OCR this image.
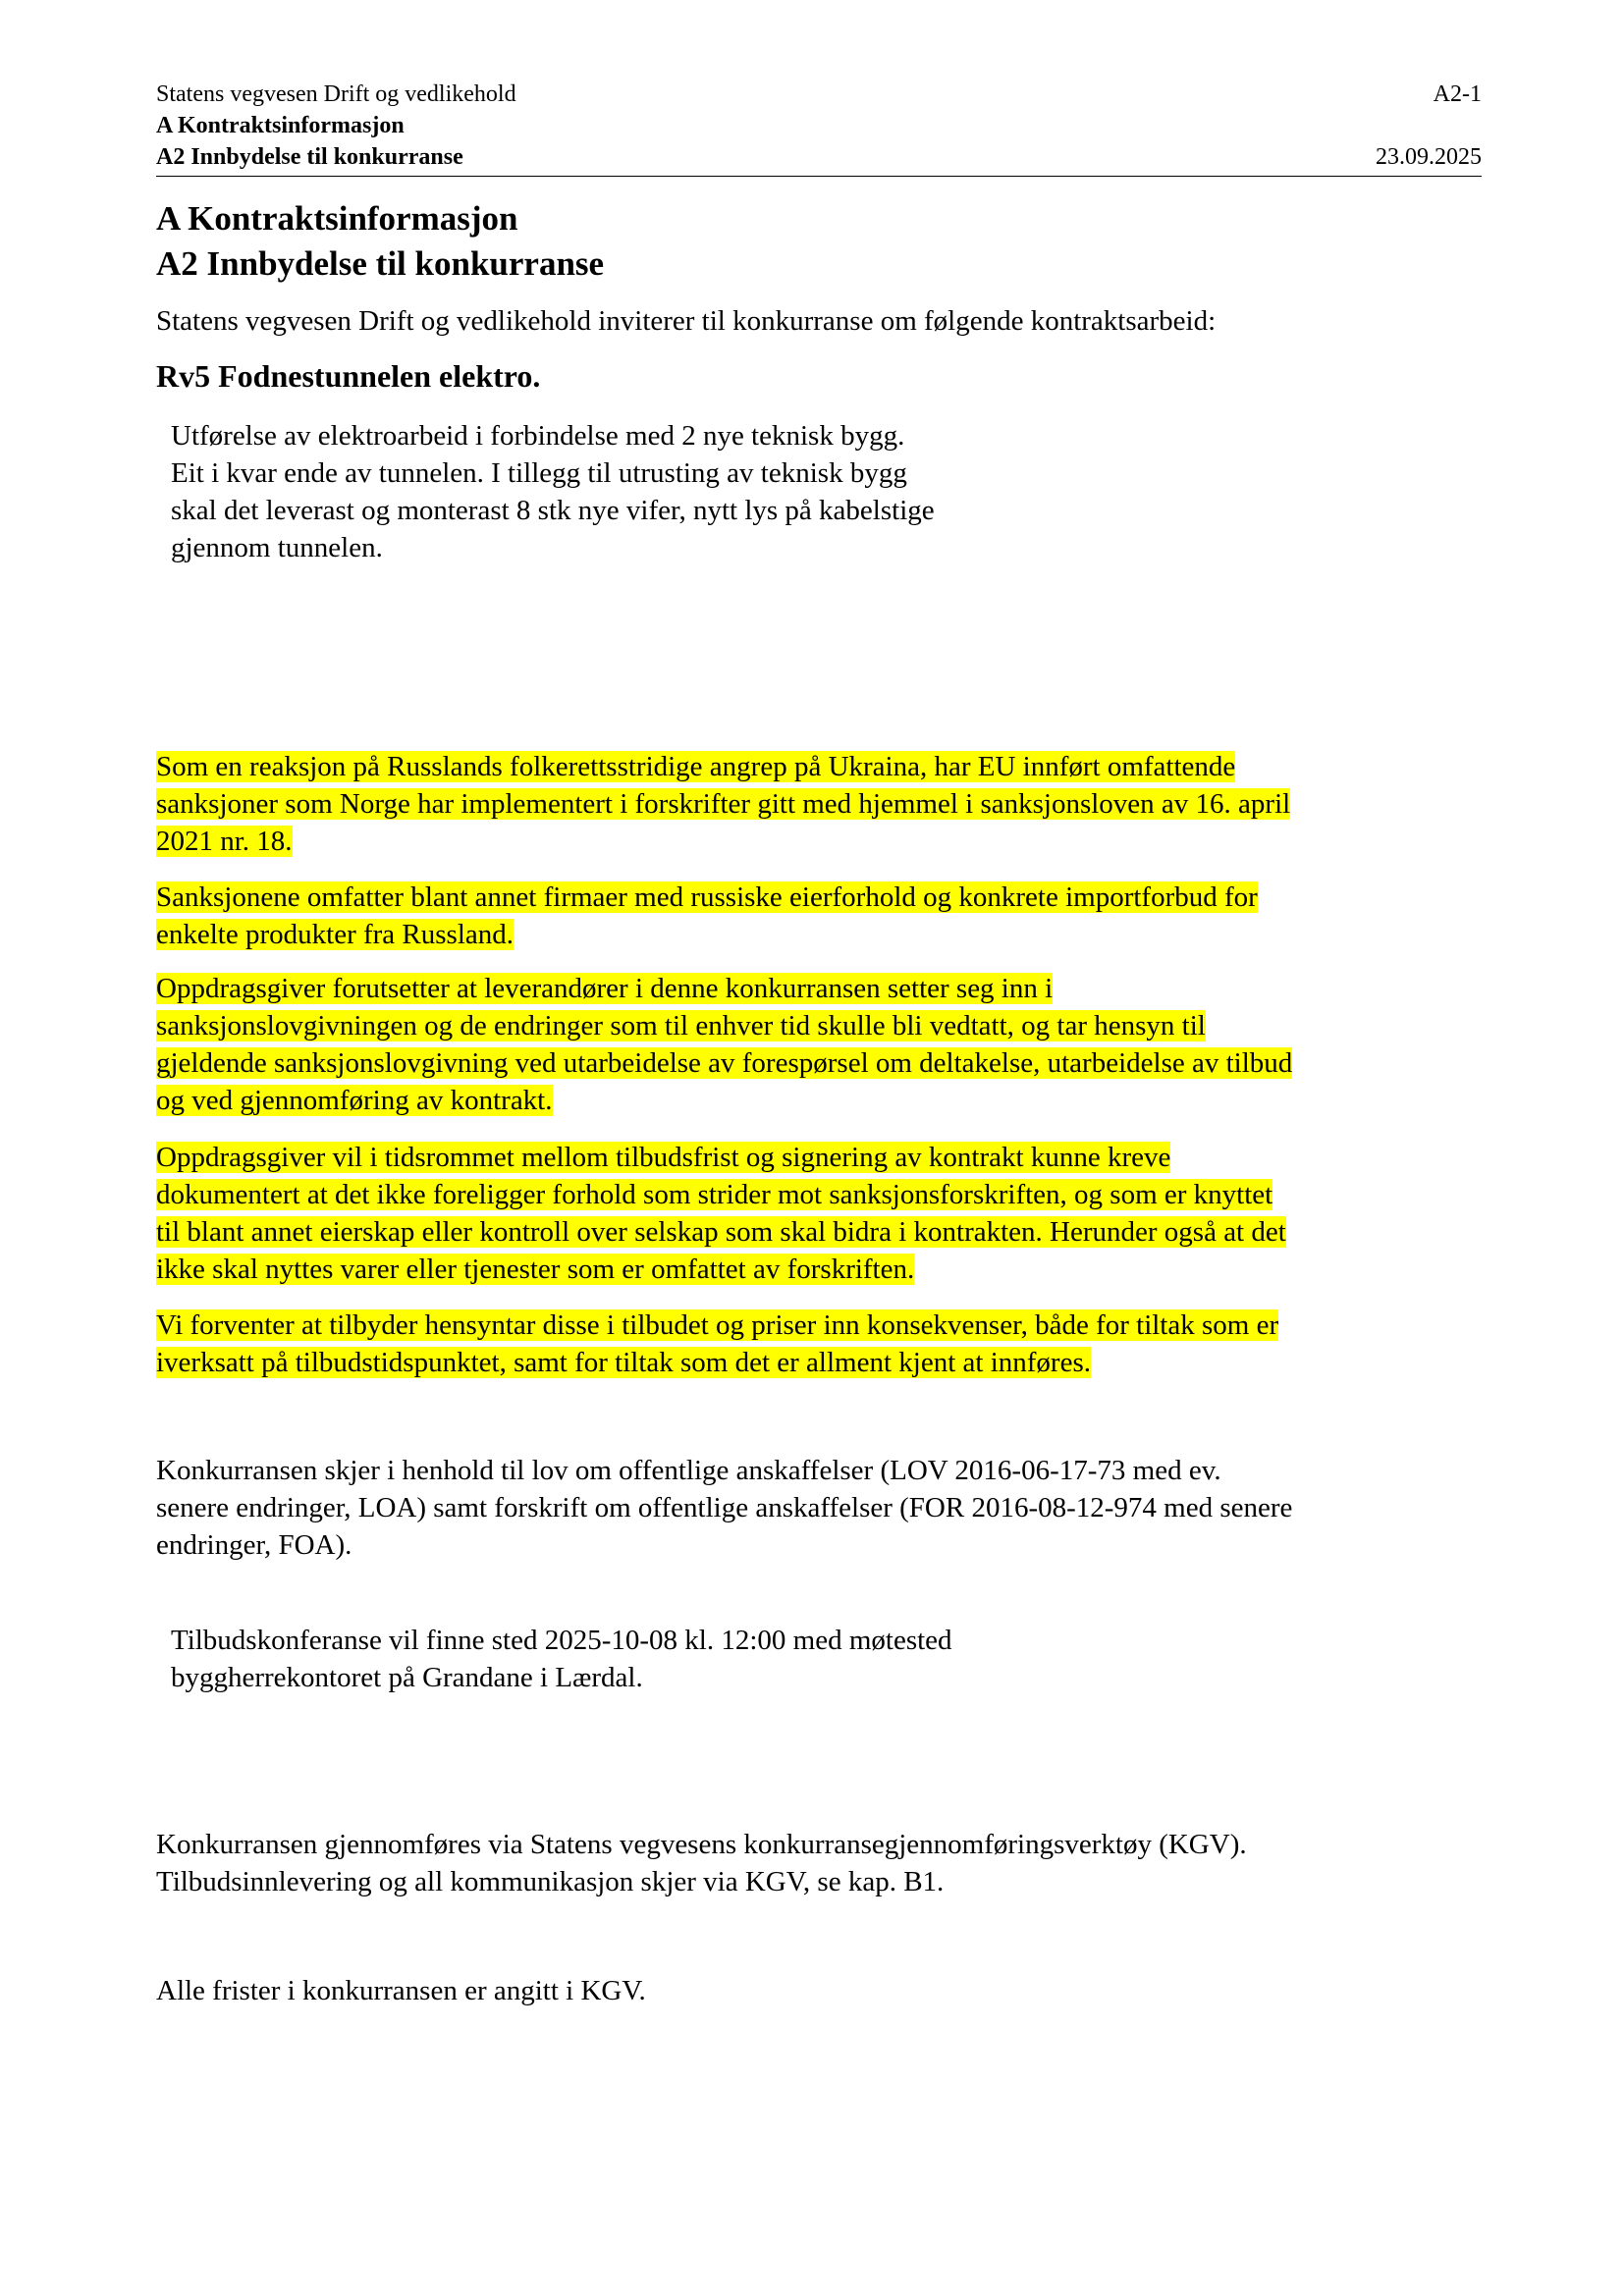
Statens vegvesen Drift og vedlikehold	A2-1
A Kontraktsinformasjon
A2 Innbydelse til konkurranse	23.09.2025
A Kontraktsinformasjon
A2 Innbydelse til konkurranse
Statens vegvesen Drift og vedlikehold inviterer til konkurranse om følgende kontraktsarbeid:
Rv5 Fodnestunnelen elektro.
Utførelse av elektroarbeid i forbindelse med 2 nye teknisk bygg.
Eit i kvar ende av tunnelen. I tillegg til utrusting av teknisk bygg
skal det leverast og monterast 8 stk nye vifer, nytt lys på kabelstige
gjennom tunnelen.
Som en reaksjon på Russlands folkerettsstridige angrep på Ukraina, har EU innført omfattende
sanksjoner som Norge har implementert i forskrifter gitt med hjemmel i sanksjonsloven av 16. april
2021 nr. 18.
Sanksjonene omfatter blant annet firmaer med russiske eierforhold og konkrete importforbud for
enkelte produkter fra Russland.
Oppdragsgiver forutsetter at leverandører i denne konkurransen setter seg inn i
sanksjonslovgivningen og de endringer som til enhver tid skulle bli vedtatt, og tar hensyn til
gjeldende sanksjonslovgivning ved utarbeidelse av forespørsel om deltakelse, utarbeidelse av tilbud
og ved gjennomføring av kontrakt.
Oppdragsgiver vil i tidsrommet mellom tilbudsfrist og signering av kontrakt kunne kreve
dokumentert at det ikke foreligger forhold som strider mot sanksjonsforskriften, og som er knyttet
til blant annet eierskap eller kontroll over selskap som skal bidra i kontrakten. Herunder også at det
ikke skal nyttes varer eller tjenester som er omfattet av forskriften.
Vi forventer at tilbyder hensyntar disse i tilbudet og priser inn konsekvenser, både for tiltak som er
iverksatt på tilbudstidspunktet, samt for tiltak som det er allment kjent at innføres.
Konkurransen skjer i henhold til lov om offentlige anskaffelser (LOV 2016-06-17-73 med ev.
senere endringer, LOA) samt forskrift om offentlige anskaffelser (FOR 2016-08-12-974 med senere
endringer, FOA).
Tilbudskonferanse vil finne sted 2025-10-08 kl. 12:00 med møtested
byggherrekontoret på Grandane i Lærdal.
Konkurransen gjennomføres via Statens vegvesens konkurransegjennomføringsverktøy (KGV).
Tilbudsinnlevering og all kommunikasjon skjer via KGV, se kap. B1.
Alle frister i konkurransen er angitt i KGV.
